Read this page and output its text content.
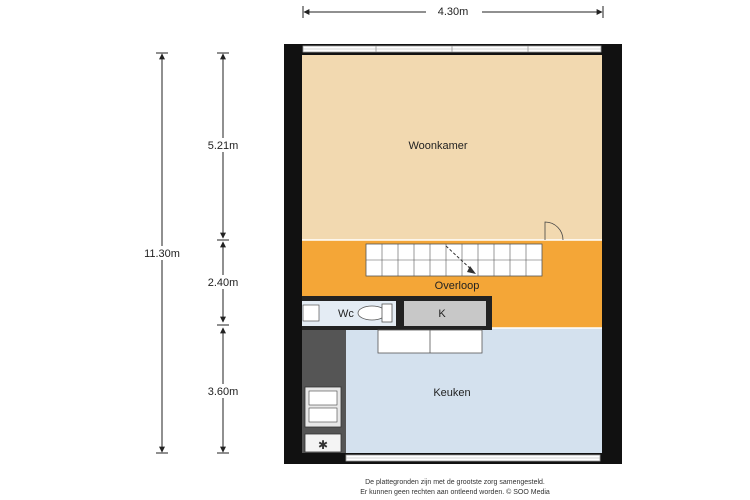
4.30m
11.30m
5.21m
2.40m
3.60m
✱
Woonkamer
Overloop
Wc	K
Keuken
De plattegronden zijn met de grootste zorg samengesteld.
Er kunnen geen rechten aan ontleend worden. © SOO Media
